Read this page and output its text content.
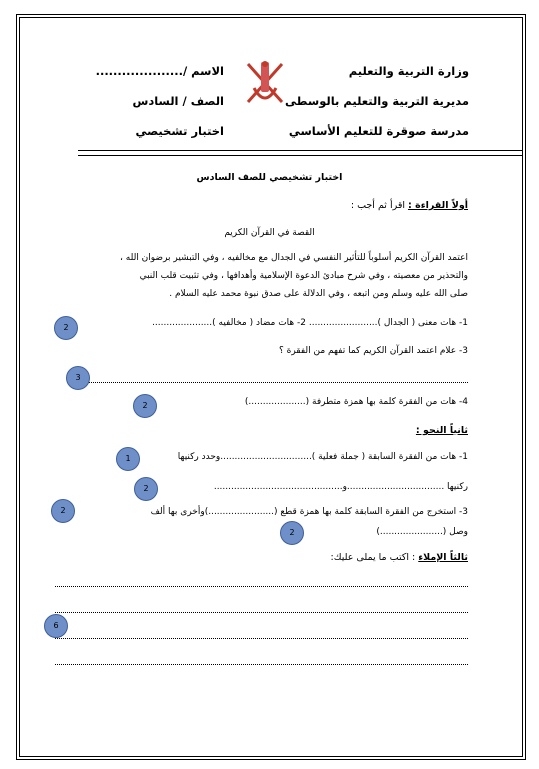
وزارة التربية والتعليم
مديرية التربية والتعليم بالوسطى
مدرسة صوقرة للتعليم الأساسي
الاسم /....................
الصف / السادس
اختبار تشخيصي
اختبار تشخيصي للصف السادس
أولاً القراءة : اقرأ ثم أجب :
القصة في القرآن الكريم
اعتمد القرآن الكريم أسلوباً للتأثير النفسي في الجدال مع مخالفيه ، وفي التبشير برضوان الله ،
والتحذير من معصيته ، وفي شرح مبادئ الدعوة الإسلامية وأهدافها ، وفي تثبيت قلب النبي
صلى الله عليه وسلم ومن اتبعه ، وفي الدلالة على صدق نبوة محمد عليه السلام .
1- هات معنى ( الجدال )........................ 2- هات مضاد ( مخالفيه ).....................
2
3- علام اعتمد القرآن الكريم كما تفهم من الفقرة ؟
3
4- هات من الفقرة كلمة بها همزة متطرفة (....................)
2
ثانياً النحو :
1- هات من الفقرة السابقة ( جملة فعلية )................................وحدد ركنيها
1
ركنيها ..................................و.............................................
2
3- استخرج من الفقرة السابقة كلمة بها همزة قطع (.......................)وأخرى بها ألف
2
وصل (......................)
2
ثالثاً الإملاء : اكتب ما يملى عليك:
6
